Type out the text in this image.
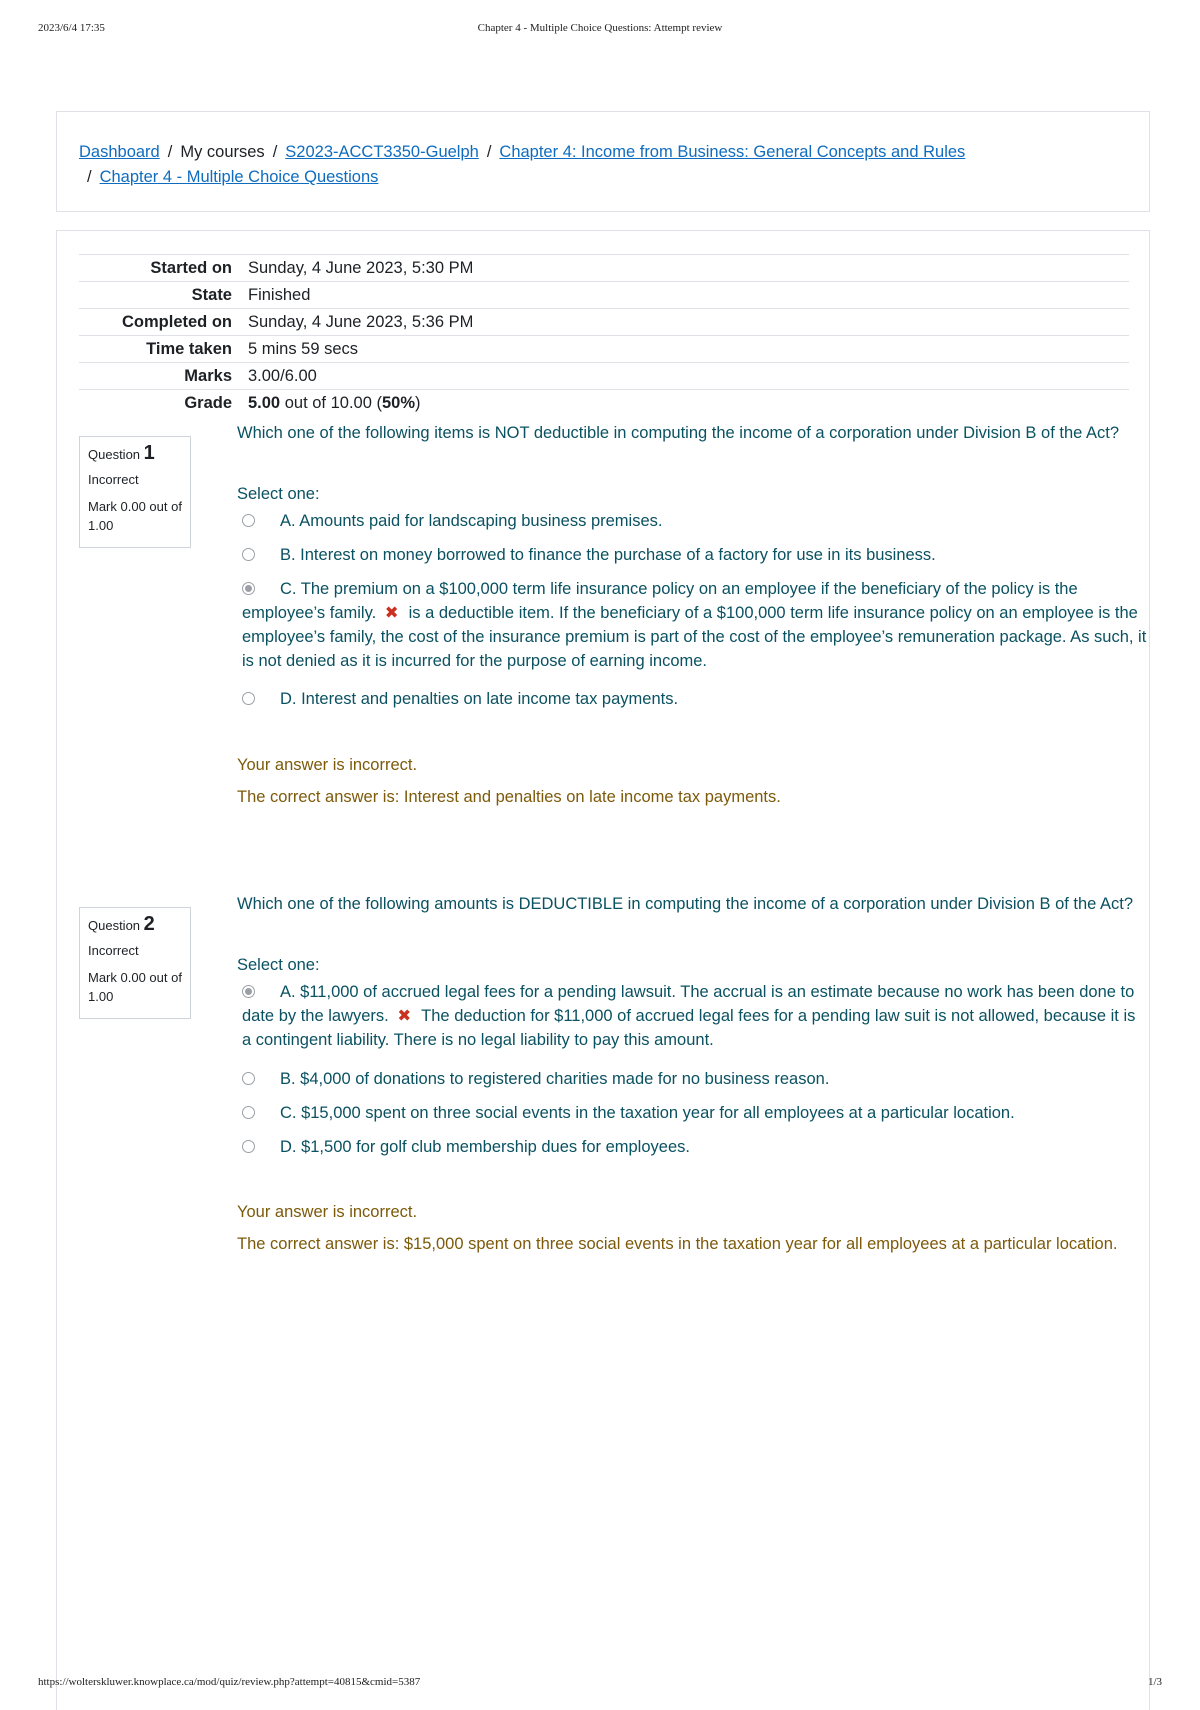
2023/6/4 17:35	Chapter 4 - Multiple Choice Questions: Attempt review
Dashboard / My courses / S2023-ACCT3350-Guelph / Chapter 4: Income from Business: General Concepts and Rules
/ Chapter 4 - Multiple Choice Questions
Started on	Sunday, 4 June 2023, 5:30 PM
State	Finished
Completed on	Sunday, 4 June 2023, 5:36 PM
Time taken	5 mins 59 secs
Marks	3.00/6.00
Grade	5.00 out of 10.00 (50%)
Question 1
Incorrect
Mark 0.00 out of 1.00
Which one of the following items is NOT deductible in computing the income of a corporation under Division B of the Act?
Select one:
A. Amounts paid for landscaping business premises.
B. Interest on money borrowed to finance the purchase of a factory for use in its business.
C. The premium on a $100,000 term life insurance policy on an employee if the beneficiary of the policy is the employee’s family. ✖ is a deductible item. If the beneficiary of a $100,000 term life insurance policy on an employee is the employee’s family, the cost of the insurance premium is part of the cost of the employee’s remuneration package. As such, it is not denied as it is incurred for the purpose of earning income.
D. Interest and penalties on late income tax payments.
Your answer is incorrect.
The correct answer is: Interest and penalties on late income tax payments.
Question 2
Incorrect
Mark 0.00 out of 1.00
Which one of the following amounts is DEDUCTIBLE in computing the income of a corporation under Division B of the Act?
Select one:
A. $11,000 of accrued legal fees for a pending lawsuit. The accrual is an estimate because no work has been done to date by the lawyers. ✖ The deduction for $11,000 of accrued legal fees for a pending law suit is not allowed, because it is a contingent liability. There is no legal liability to pay this amount.
B. $4,000 of donations to registered charities made for no business reason.
C. $15,000 spent on three social events in the taxation year for all employees at a particular location.
D. $1,500 for golf club membership dues for employees.
Your answer is incorrect.
The correct answer is: $15,000 spent on three social events in the taxation year for all employees at a particular location.
https://wolterskluwer.knowplace.ca/mod/quiz/review.php?attempt=40815&cmid=5387	1/3
